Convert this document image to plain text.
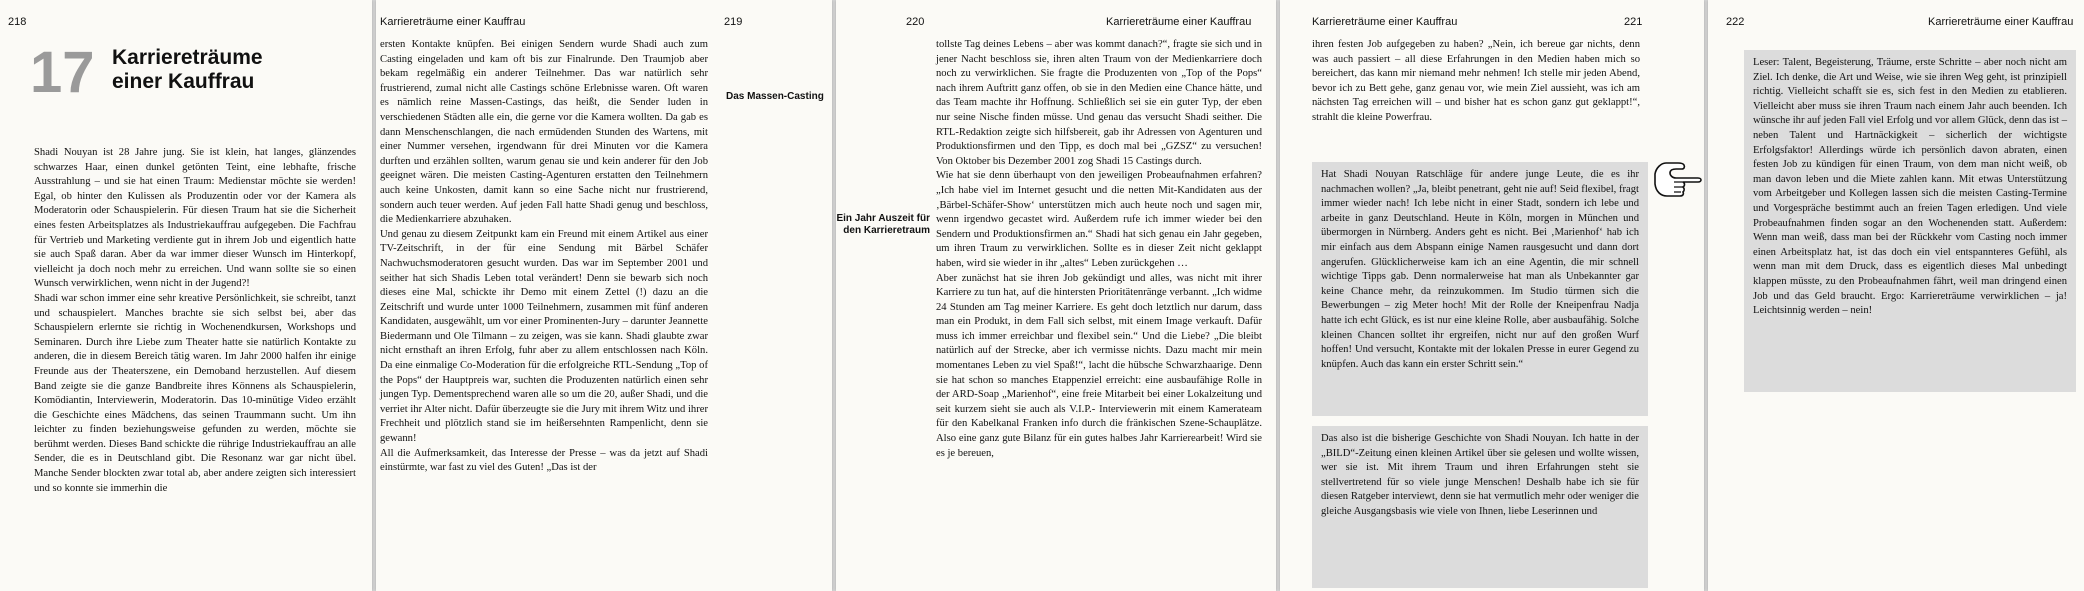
218
17 Karriereträume
einer Kauffrau

Shadi Nouyan ist 28 Jahre jung. Sie ist klein, hat langes, glänzendes schwarzes Haar, einen dunkel getönten Teint, eine lebhafte, frische Ausstrahlung – und sie hat einen Traum: Medienstar möchte sie werden! Egal, ob hinter den Kulissen als Produzentin oder vor der Kamera als Moderatorin oder Schauspielerin. Für diesen Traum hat sie die Sicherheit eines festen Arbeitsplatzes als Industriekauffrau aufgegeben. Die Fachfrau für Vertrieb und Marketing verdiente gut in ihrem Job und eigentlich hatte sie auch Spaß daran. Aber da war immer dieser Wunsch im Hinterkopf, vielleicht ja doch noch mehr zu erreichen. Und wann sollte sie so einen Wunsch verwirklichen, wenn nicht in der Jugend?!

Shadi war schon immer eine sehr kreative Persönlichkeit, sie schreibt, tanzt und schauspielert. Manches brachte sie sich selbst bei, aber das Schauspielern erlernte sie richtig in Wochenendkursen, Workshops und Seminaren. Durch ihre Liebe zum Theater hatte sie natürlich Kontakte zu anderen, die in diesem Bereich tätig waren. Im Jahr 2000 halfen ihr einige Freunde aus der Theaterszene, ein Demoband herzustellen. Auf diesem Band zeigte sie die ganze Bandbreite ihres Könnens als Schauspielerin, Komödiantin, Interviewerin, Moderatorin. Das 10-minütige Video erzählt die Geschichte eines Mädchens, das seinen Traummann sucht. Um ihn leichter zu finden beziehungsweise gefunden zu werden, möchte sie berühmt werden. Dieses Band schickte die rührige Industriekauffrau an alle Sender, die es in Deutschland gibt. Die Resonanz war gar nicht übel. Manche Sender blockten zwar total ab, aber andere zeigten sich interessiert und so konnte sie immerhin die

Karriereträume einer Kauffrau	219

ersten Kontakte knüpfen. Bei einigen Sendern wurde Shadi auch zum Casting eingeladen und kam oft bis zur Finalrunde. Den Traumjob aber bekam regelmäßig ein anderer Teilnehmer. Das war natürlich sehr frustrierend, zumal nicht alle Castings schöne Erlebnisse waren. Oft waren es nämlich reine Massen-Castings, das heißt, die Sender luden in verschiedenen Städten alle ein, die gerne vor die Kamera wollten. Da gab es dann Menschenschlangen, die nach ermüdenden Stunden des Wartens, mit einer Nummer versehen, irgendwann für drei Minuten vor die Kamera durften und erzählen sollten, warum genau sie und kein anderer für den Job geeignet wären. Die meisten Casting-Agenturen erstatten den Teilnehmern auch keine Unkosten, damit kann so eine Sache nicht nur frustrierend, sondern auch teuer werden. Auf jeden Fall hatte Shadi genug und beschloss, die Medienkarriere abzuhaken.

Und genau zu diesem Zeitpunkt kam ein Freund mit einem Artikel aus einer TV-Zeitschrift, in der für eine Sendung mit Bärbel Schäfer Nachwuchsmoderatoren gesucht wurden. Das war im September 2001 und seither hat sich Shadis Leben total verändert! Denn sie bewarb sich noch dieses eine Mal, schickte ihr Demo mit einem Zettel (!) dazu an die Zeitschrift und wurde unter 1000 Teilnehmern, zusammen mit fünf anderen Kandidaten, ausgewählt, um vor einer Prominenten-Jury – darunter Jeannette Biedermann und Ole Tilmann – zu zeigen, was sie kann. Shadi glaubte zwar nicht ernsthaft an ihren Erfolg, fuhr aber zu allem entschlossen nach Köln. Da eine einmalige Co-Moderation für die erfolgreiche RTL-Sendung „Top of the Pops“ der Hauptpreis war, suchten die Produzenten natürlich einen sehr jungen Typ. Dementsprechend waren alle so um die 20, außer Shadi, und die verriet ihr Alter nicht. Dafür überzeugte sie die Jury mit ihrem Witz und ihrer Frechheit und plötzlich stand sie im heißersehnten Rampenlicht, denn sie gewann!

All die Aufmerksamkeit, das Interesse der Presse – was da jetzt auf Shadi einstürmte, war fast zu viel des Guten! „Das ist der

Das Massen-Casting
220	Karriereträume einer Kauffrau
Ein Jahr Auszeit für den Karrieretraum

tollste Tag deines Lebens – aber was kommt danach?“, fragte sie sich und in jener Nacht beschloss sie, ihren alten Traum von der Medienkarriere doch noch zu verwirklichen. Sie fragte die Produzenten von „Top of the Pops“ nach ihrem Auftritt ganz offen, ob sie in den Medien eine Chance hätte, und das Team machte ihr Hoffnung. Schließlich sei sie ein guter Typ, der eben nur seine Nische finden müsse. Und genau das versucht Shadi seither. Die RTL-Redaktion zeigte sich hilfsbereit, gab ihr Adressen von Agenturen und Produktionsfirmen und den Tipp, es doch mal bei „GZSZ“ zu versuchen! Von Oktober bis Dezember 2001 zog Shadi 15 Castings durch.

Wie hat sie denn überhaupt von den jeweiligen Probeaufnahmen erfahren? „Ich habe viel im Internet gesucht und die netten Mit-Kandidaten aus der ‚Bärbel-Schäfer-Show‘ unterstützen mich auch heute noch und sagen mir, wenn irgendwo gecastet wird. Außerdem rufe ich immer wieder bei den Sendern und Produktionsfirmen an.“ Shadi hat sich genau ein Jahr gegeben, um ihren Traum zu verwirklichen. Sollte es in dieser Zeit nicht geklappt haben, wird sie wieder in ihr „altes“ Leben zurückgehen …

Aber zunächst hat sie ihren Job gekündigt und alles, was nicht mit ihrer Karriere zu tun hat, auf die hintersten Prioritätenränge verbannt. „Ich widme 24 Stunden am Tag meiner Karriere. Es geht doch letztlich nur darum, dass man ein Produkt, in dem Fall sich selbst, mit einem Image verkauft. Dafür muss ich immer erreichbar und flexibel sein.“ Und die Liebe? „Die bleibt natürlich auf der Strecke, aber ich vermisse nichts. Dazu macht mir mein momentanes Leben zu viel Spaß!“, lacht die hübsche Schwarzhaarige. Denn sie hat schon so manches Etappenziel erreicht: eine ausbaufähige Rolle in der ARD-Soap „Marienhof“, eine freie Mitarbeit bei einer Lokalzeitung und seit kurzem sieht sie auch als V.I.P.- Interviewerin mit einem Kamerateam für den Kabelkanal Franken info durch die fränkischen Szene-Schauplätze. Also eine ganz gute Bilanz für ein gutes halbes Jahr Karrierearbeit! Wird sie es je bereuen,

Karriereträume einer Kauffrau	221

ihren festen Job aufgegeben zu haben? „Nein, ich bereue gar nichts, denn was auch passiert – all diese Erfahrungen in den Medien haben mich so bereichert, das kann mir niemand mehr nehmen! Ich stelle mir jeden Abend, bevor ich zu Bett gehe, ganz genau vor, wie mein Ziel aussieht, was ich am nächsten Tag erreichen will – und bisher hat es schon ganz gut geklappt!“, strahlt die kleine Powerfrau.

Hat Shadi Nouyan Ratschläge für andere junge Leute, die es ihr nachmachen wollen? „Ja, bleibt penetrant, geht nie auf! Seid flexibel, fragt immer wieder nach! Ich lebe nicht in einer Stadt, sondern ich lebe und arbeite in ganz Deutschland. Heute in Köln, morgen in München und übermorgen in Nürnberg. Anders geht es nicht. Bei ‚Marienhof‘ hab ich mir einfach aus dem Abspann einige Namen rausgesucht und dann dort angerufen. Glücklicherweise kam ich an eine Agentin, die mir schnell wichtige Tipps gab. Denn normalerweise hat man als Unbekannter gar keine Chance mehr, da reinzukommen. Im Studio türmen sich die Bewerbungen – zig Meter hoch! Mit der Rolle der Kneipenfrau Nadja hatte ich echt Glück, es ist nur eine kleine Rolle, aber ausbaufähig. Solche kleinen Chancen solltet ihr ergreifen, nicht nur auf den großen Wurf hoffen! Und versucht, Kontakte mit der lokalen Presse in eurer Gegend zu knüpfen. Auch das kann ein erster Schritt sein.“

Das also ist die bisherige Geschichte von Shadi Nouyan. Ich hatte in der „BILD“-Zeitung einen kleinen Artikel über sie gelesen und wollte wissen, wer sie ist. Mit ihrem Traum und ihren Erfahrungen steht sie stellvertretend für so viele junge Menschen! Deshalb habe ich sie für diesen Ratgeber interviewt, denn sie hat vermutlich mehr oder weniger die gleiche Ausgangsbasis wie viele von Ihnen, liebe Leserinnen und

222	Karriereträume einer Kauffrau

Leser: Talent, Begeisterung, Träume, erste Schritte – aber noch nicht am Ziel. Ich denke, die Art und Weise, wie sie ihren Weg geht, ist prinzipiell richtig. Vielleicht schafft sie es, sich fest in den Medien zu etablieren. Vielleicht aber muss sie ihren Traum nach einem Jahr auch beenden. Ich wünsche ihr auf jeden Fall viel Erfolg und vor allem Glück, denn das ist – neben Talent und Hartnäckigkeit – sicherlich der wichtigste Erfolgsfaktor! Allerdings würde ich persönlich davon abraten, einen festen Job zu kündigen für einen Traum, von dem man nicht weiß, ob man davon leben und die Miete zahlen kann. Mit etwas Unterstützung vom Arbeitgeber und Kollegen lassen sich die meisten Casting-Termine und Vorgespräche bestimmt auch an freien Tagen erledigen. Und viele Probeaufnahmen finden sogar an den Wochenenden statt. Außerdem: Wenn man weiß, dass man bei der Rückkehr vom Casting noch immer einen Arbeitsplatz hat, ist das doch ein viel entspannteres Gefühl, als wenn man mit dem Druck, dass es eigentlich dieses Mal unbedingt klappen müsste, zu den Probeaufnahmen fährt, weil man dringend einen Job und das Geld braucht. Ergo: Karriereträume verwirklichen – ja! Leichtsinnig werden – nein!
